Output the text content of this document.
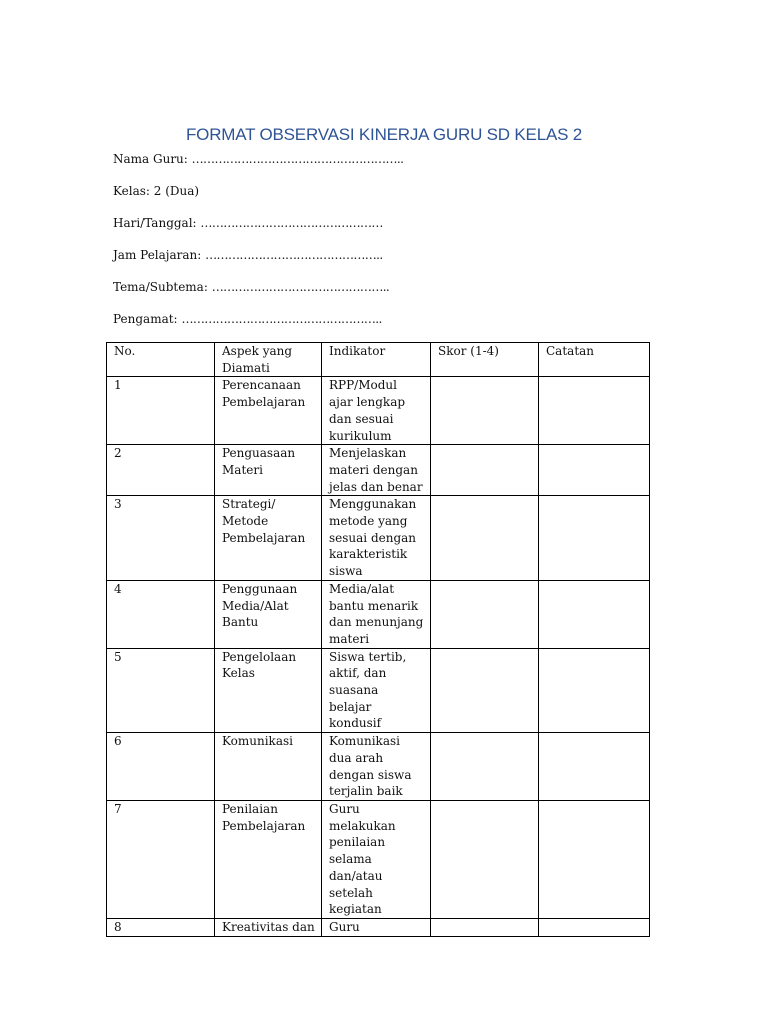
FORMAT OBSERVASI KINERJA GURU SD KELAS 2
Nama Guru: ………………………………………………..
Kelas: 2 (Dua)
Hari/Tanggal: …………………………………………
Jam Pelajaran: ………………………………………..
Tema/Subtema: ………………………………………..
Pengamat: ……………………………………………..
No.	Aspek yang Diamati	Indikator	Skor (1-4)	Catatan
1	Perencanaan Pembelajaran	RPP/Modul ajar lengkap dan sesuai kurikulum		
2	Penguasaan Materi	Menjelaskan materi dengan jelas dan benar		
3	Strategi/ Metode Pembelajaran	Menggunakan metode yang sesuai dengan karakteristik siswa		
4	Penggunaan Media/Alat Bantu	Media/alat bantu menarik dan menunjang materi		
5	Pengelolaan Kelas	Siswa tertib, aktif, dan suasana belajar kondusif		
6	Komunikasi	Komunikasi dua arah dengan siswa terjalin baik		
7	Penilaian Pembelajaran	Guru melakukan penilaian selama dan/atau setelah kegiatan		
8	Kreativitas dan	Guru		
